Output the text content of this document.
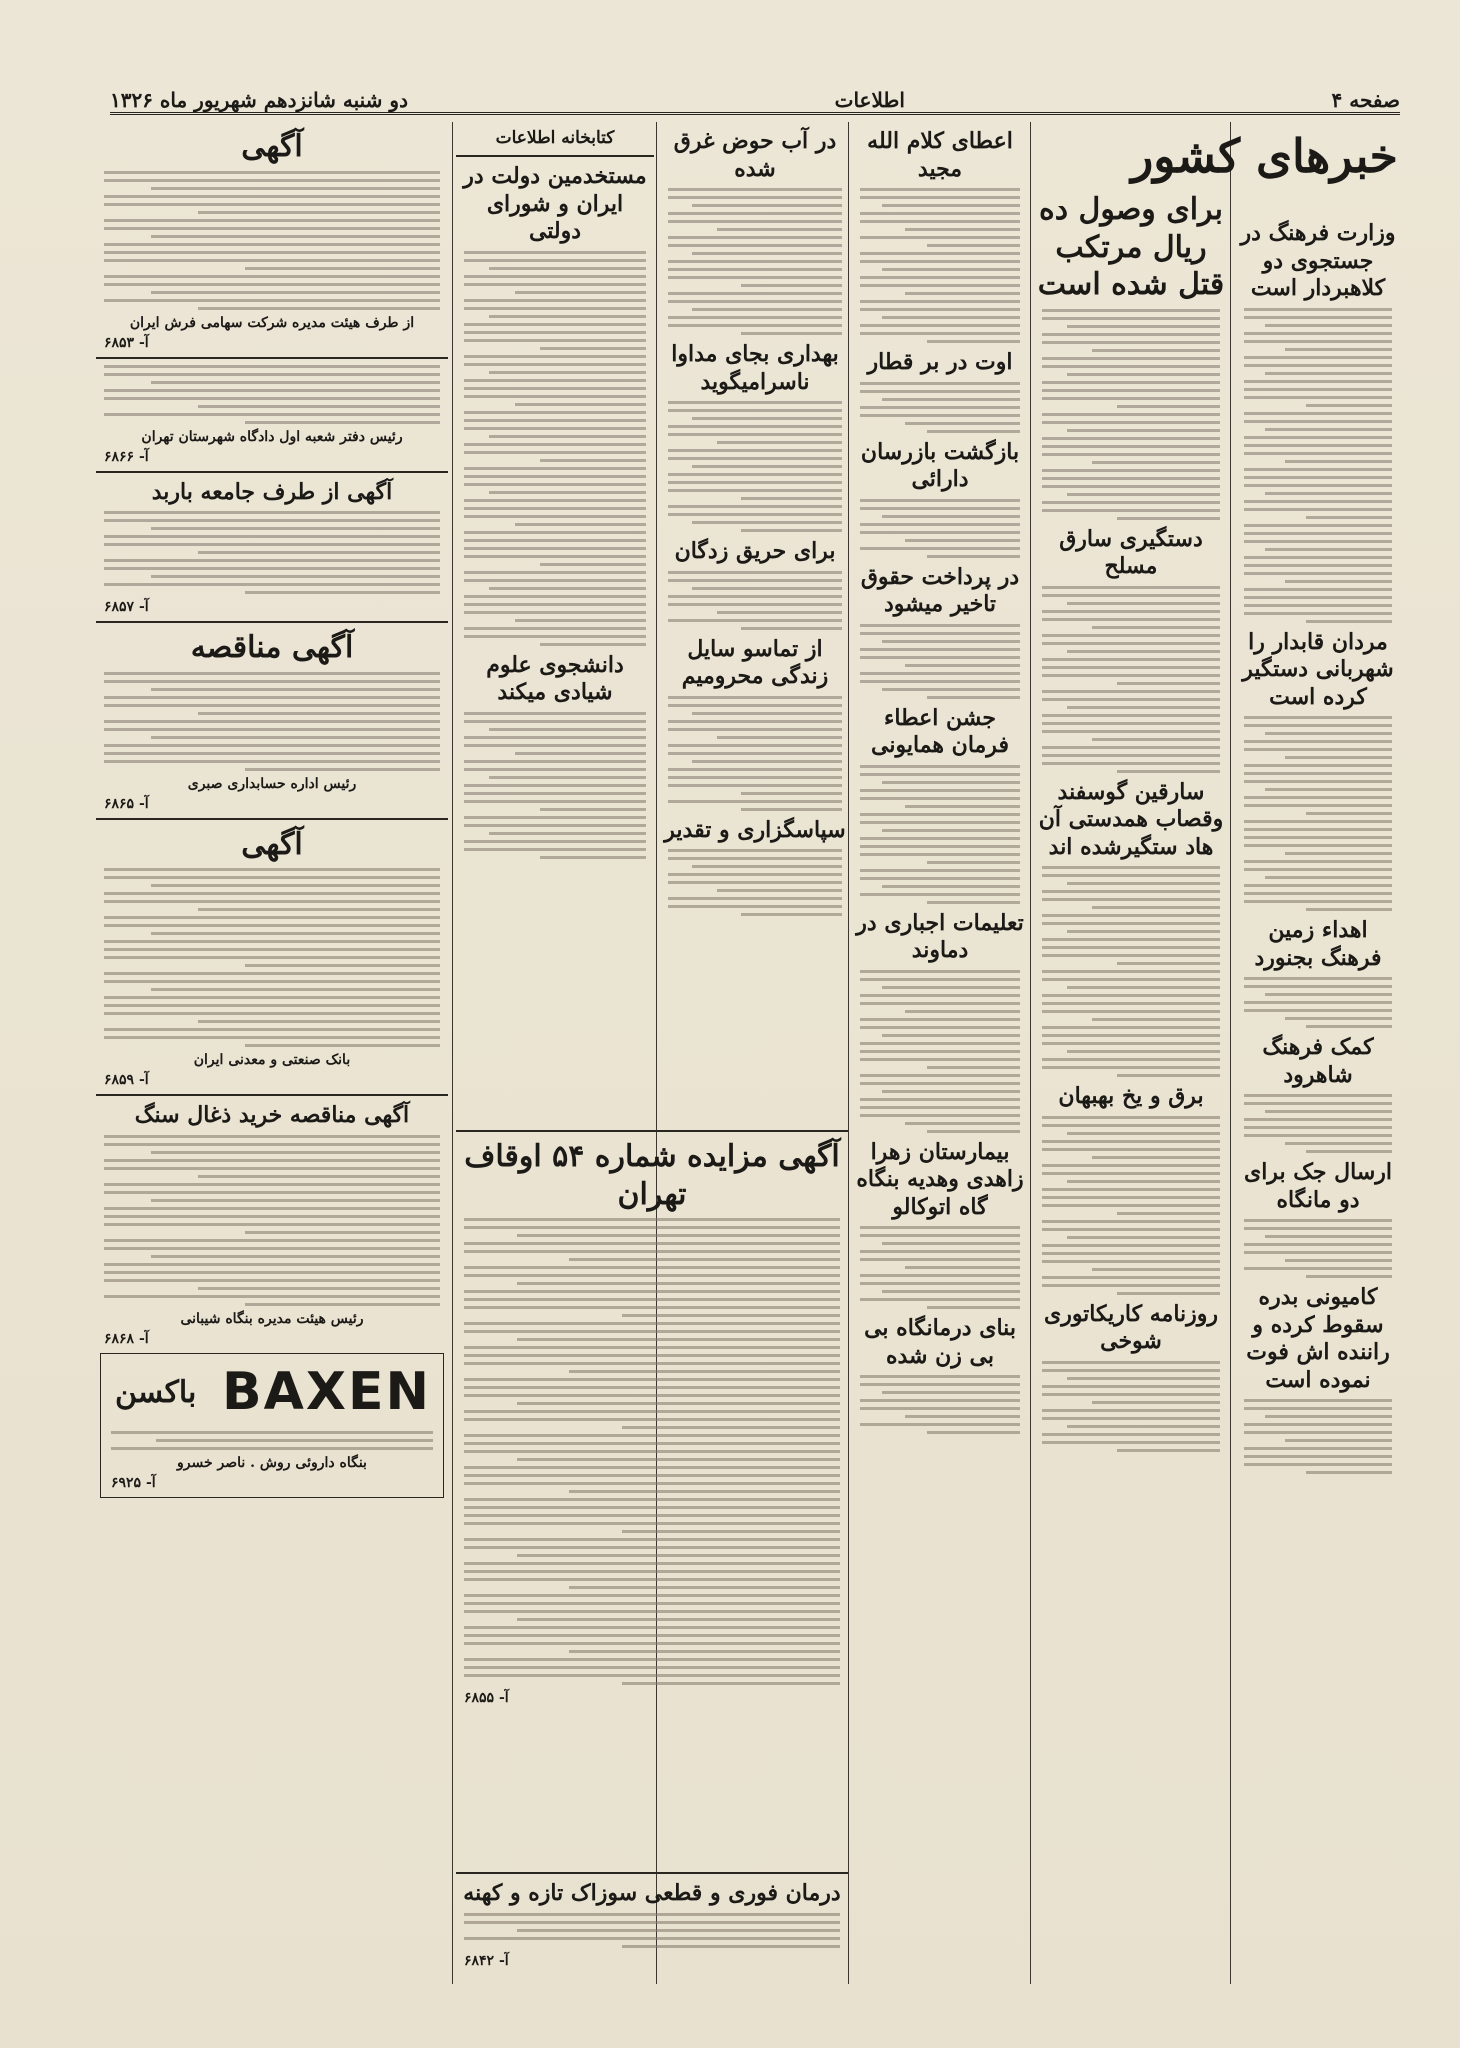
صفحه ۴
اطلاعات
دو شنبه شانزدهم شهریور ماه ۱۳۲۶
خبرهای کشور
وزارت فرهنگ در جستجوی دو کلاهبردار است
مردان قابدار را شهربانی دستگیر کرده است
اهداء زمین فرهنگ بجنورد
کمک فرهنگ شاهرود
ارسال جک برای دو مانگاه
کامیونی بدره سقوط کرده و راننده اش فوت نموده است
برای وصول ده ریال مرتکب قتل شده است
دستگیری سارق مسلح
سارقین گوسفند وقصاب همدستی آن هاد ستگیرشده اند
برق و یخ بهبهان
روزنامه کاریکاتوری شوخی
اعطای کلام الله مجید
اوت در بر قطار
بازگشت بازرسان دارائی
در پرداخت حقوق تاخیر میشود
جشن اعطاء فرمان همایونی
تعلیمات اجباری در دماوند
بیمارستان زهرا زاهدی وهدیه بنگاه گاه اتوکالو
بنای درمانگاه بی بی زن شده
در آب حوض غرق شده
بهداری بجای مداوا ناسرامیگوید
برای حریق زدگان
از تماسو سایل زندگی محرومیم
سپاسگزاری و تقدیر
کتابخانه اطلاعات
مستخدمین دولت در ایران و شورای دولتی
دانشجوی علوم شیادی میکند
آگهی مزایده شماره ۵۴ اوقاف تهران
آ- ۶۸۵۵
درمان فوری و قطعی سوزاک تازه و کهنه
آ- ۶۸۴۲
آگهی
از طرف هیئت مدیره شرکت سهامی فرش ایران
آ- ۶۸۵۳
رئیس دفتر شعبه اول دادگاه شهرستان تهران
آ- ۶۸۶۶
آگهی از طرف جامعه باربد
آ- ۶۸۵۷
آگهی مناقصه
رئیس اداره حسابداری صبری
آ- ۶۸۶۵
آگهی
بانک صنعتی و معدنی ایران
آ- ۶۸۵۹
آگهی مناقصه خرید ذغال سنگ
رئیس هیئت مدیره بنگاه شیبانی
آ- ۶۸۶۸
BAXEN
باکسن
بنگاه داروئی روش . ناصر خسرو
آ- ۶۹۲۵
